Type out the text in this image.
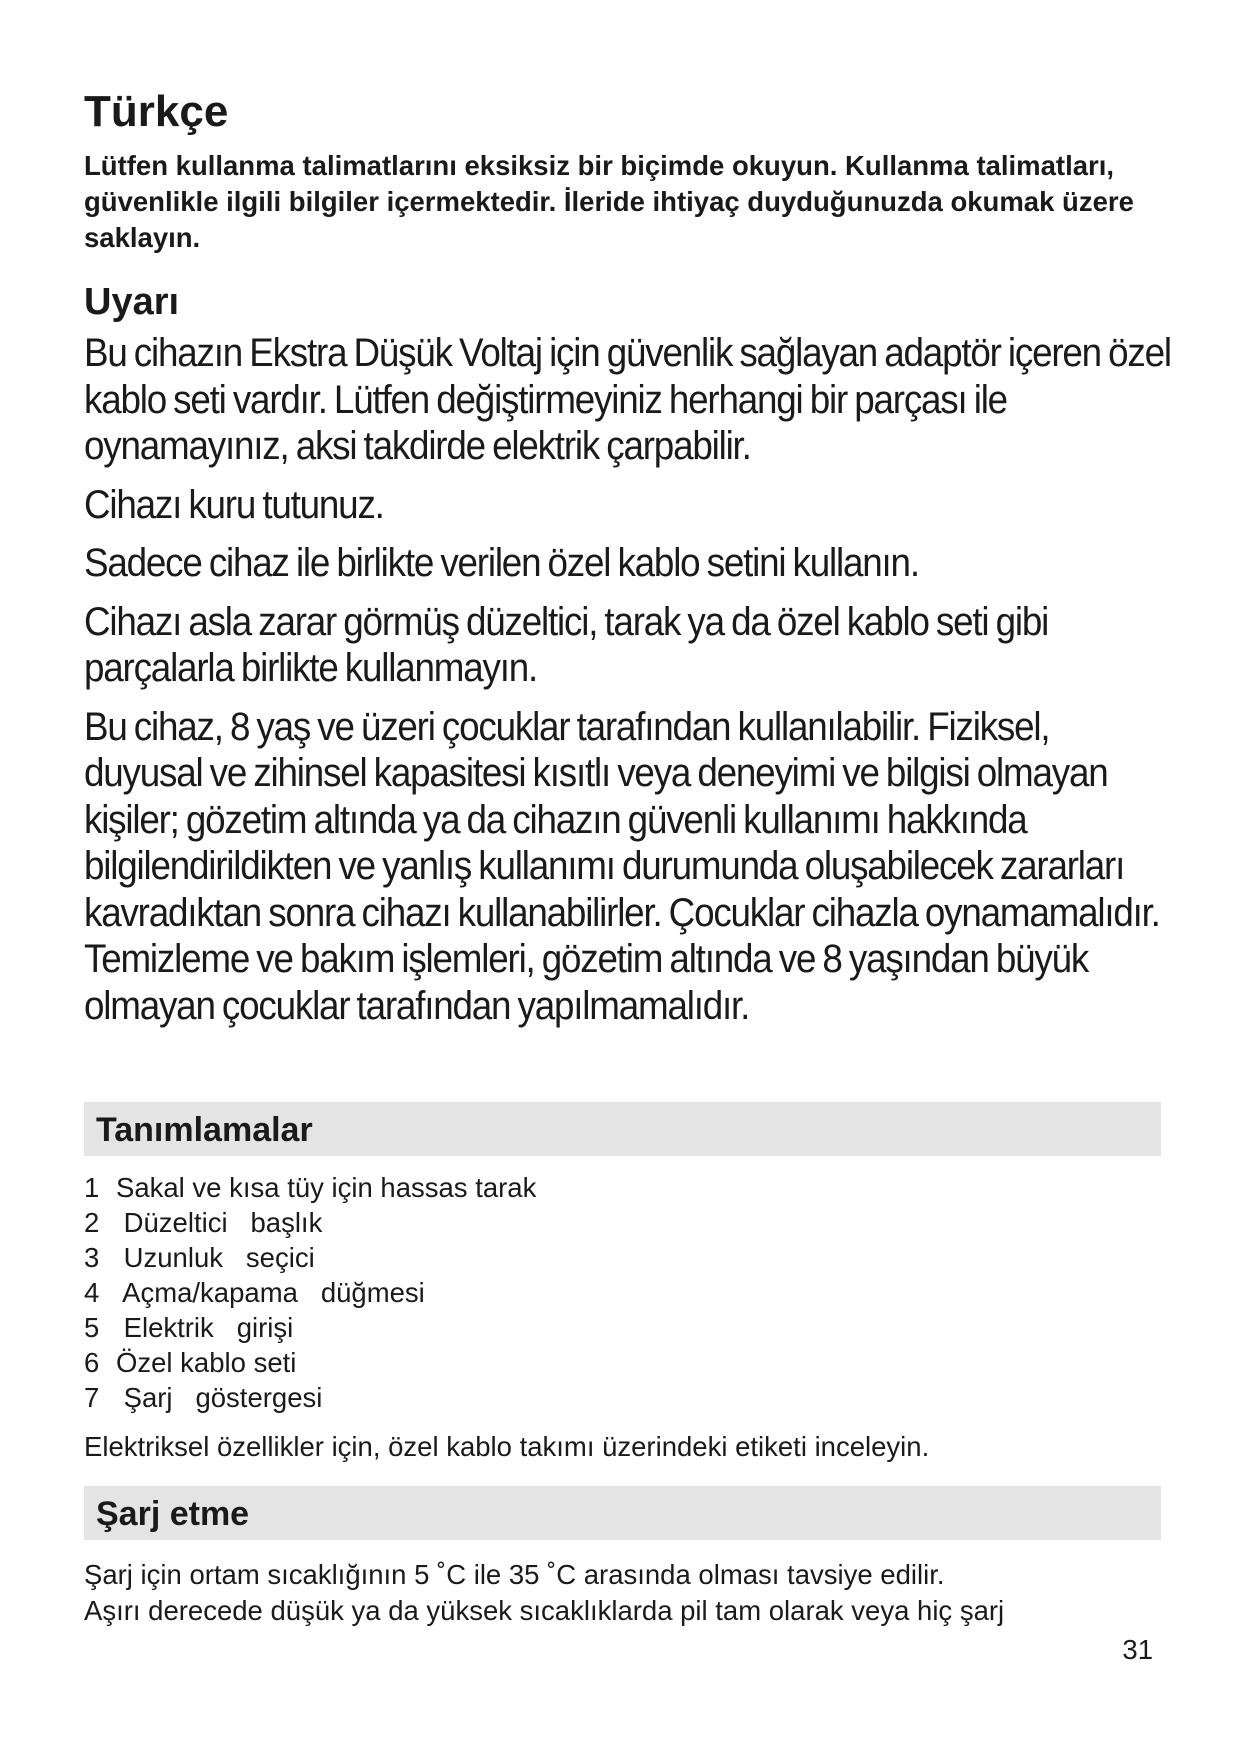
Türkçe

Lütfen kullanma talimatlarını eksiksiz bir biçimde okuyun. Kullanma talimatları, güvenlikle ilgili bilgiler içermektedir. İleride ihtiyaç duyduğunuzda okumak üzere saklayın.

Uyarı

Bu cihazın Ekstra Düşük Voltaj için güvenlik sağlayan adaptör içeren özel kablo seti vardır. Lütfen değiştirmeyiniz herhangi bir parçası ile oynamayınız, aksi takdirde elektrik çarpabilir.

Cihazı kuru tutunuz.

Sadece cihaz ile birlikte verilen özel kablo setini kullanın.

Cihazı asla zarar görmüş düzeltici, tarak ya da özel kablo seti gibi parçalarla birlikte kullanmayın.

Bu cihaz, 8 yaş ve üzeri çocuklar tarafından kullanılabilir. Fiziksel, duyusal ve zihinsel kapasitesi kısıtlı veya deneyimi ve bilgisi olmayan kişiler; gözetim altında ya da cihazın güvenli kullanımı hakkında bilgilendirildikten ve yanlış kullanımı durumunda oluşabilecek zararları kavradıktan sonra cihazı kullanabilirler. Çocuklar cihazla oynamamalıdır. Temizleme ve bakım işlemleri, gözetim altında ve 8 yaşından büyük olmayan çocuklar tarafından yapılmamalıdır.

Tanımlamalar
1 Sakal ve kısa tüy için hassas tarak
2 Düzeltici   başlık
3 Uzunluk   seçici
4 Açma/kapama   düğmesi
5 Elektrik   girişi
6 Özel kablo seti
7 Şarj   göstergesi

Elektriksel özellikler için, özel kablo takımı üzerindeki etiketi inceleyin.

Şarj etme

Şarj için ortam sıcaklığının 5 ˚C ile 35 ˚C arasında olması tavsiye edilir.

Aşırı derecede düşük ya da yüksek sıcaklıklarda pil tam olarak veya hiç şarj

31
